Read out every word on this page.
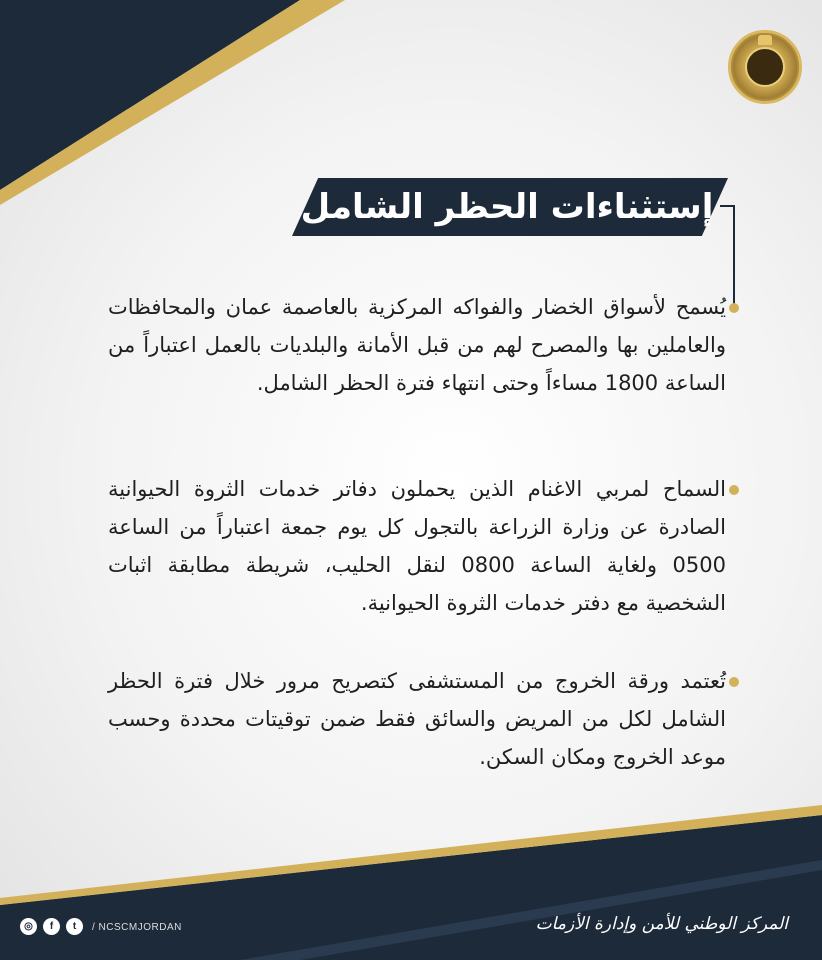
إستثناءات الحظر الشامل
يُسمح لأسواق الخضار والفواكه المركزية بالعاصمة عمان والمحافظات والعاملين بها والمصرح لهم من قبل الأمانة والبلديات بالعمل اعتباراً من الساعة 1800 مساءاً وحتى انتهاء فترة الحظر الشامل.
السماح لمربي الاغنام الذين يحملون دفاتر خدمات الثروة الحيوانية الصادرة عن وزارة الزراعة بالتجول كل يوم جمعة اعتباراً من الساعة 0500 ولغاية الساعة 0800 لنقل الحليب، شريطة مطابقة اثبات الشخصية مع دفتر خدمات الثروة الحيوانية.
تُعتمد ورقة الخروج من المستشفى كتصريح مرور خلال فترة الحظر الشامل لكل من المريض والسائق فقط ضمن توقيتات محددة وحسب موعد الخروج ومكان السكن.
◎	f	t	/ NCSCMJORDAN	المركز الوطني للأمن وإدارة الأزمات
